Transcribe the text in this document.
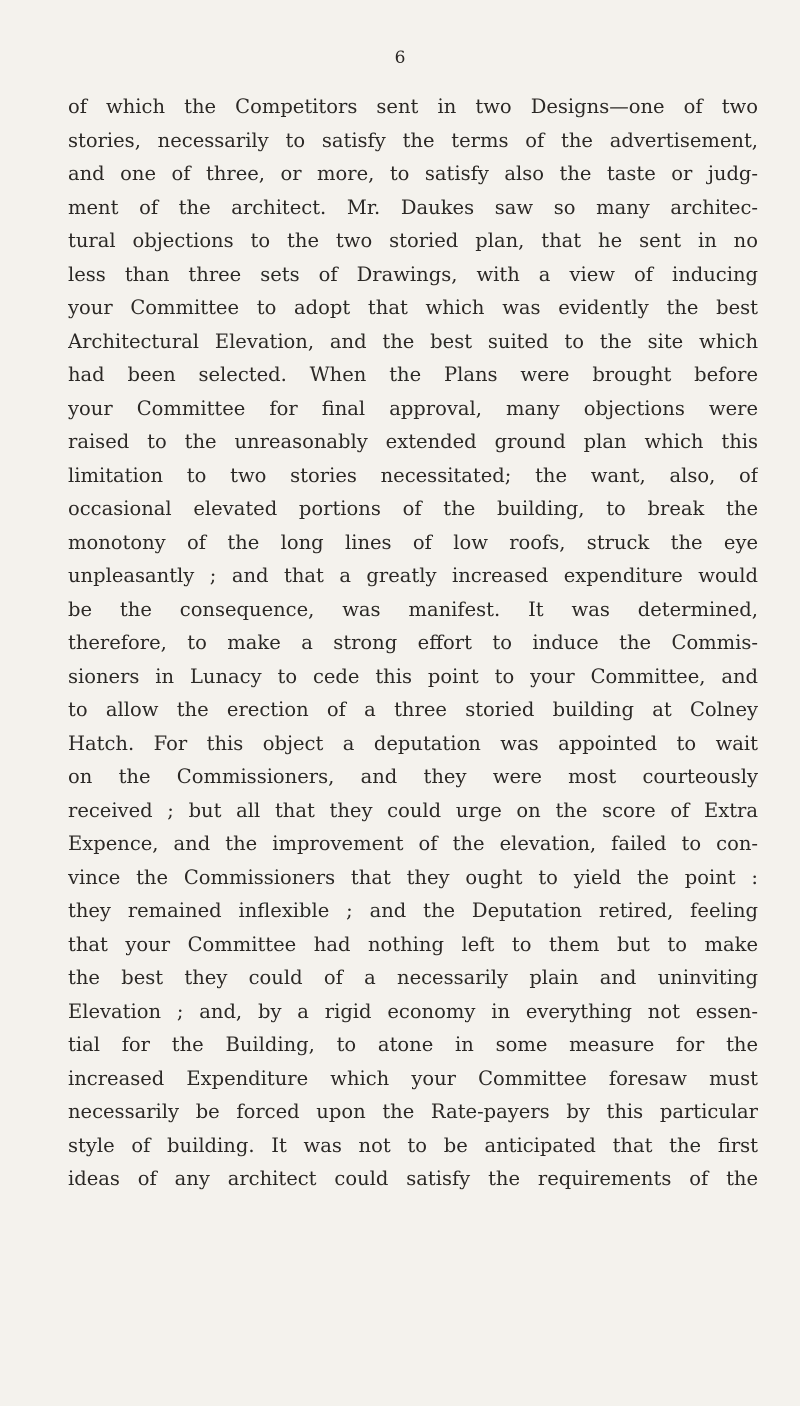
6
of which the Competitors sent in two Designs—one of two
stories, necessarily to satisfy the terms of the advertisement,
and one of three, or more, to satisfy also the taste or judg-
ment of the architect. Mr. Daukes saw so many architec-
tural objections to the two storied plan, that he sent in no
less than three sets of Drawings, with a view of inducing
your Committee to adopt that which was evidently the best
Architectural Elevation, and the best suited to the site which
had been selected. When the Plans were brought before
your Committee for final approval, many objections were
raised to the unreasonably extended ground plan which this
limitation to two stories necessitated; the want, also, of
occasional elevated portions of the building, to break the
monotony of the long lines of low roofs, struck the eye
unpleasantly ; and that a greatly increased expenditure would
be the consequence, was manifest. It was determined,
therefore, to make a strong effort to induce the Commis-
sioners in Lunacy to cede this point to your Committee, and
to allow the erection of a three storied building at Colney
Hatch. For this object a deputation was appointed to wait
on the Commissioners, and they were most courteously
received ; but all that they could urge on the score of Extra
Expence, and the improvement of the elevation, failed to con-
vince the Commissioners that they ought to yield the point :
they remained inflexible ; and the Deputation retired, feeling
that your Committee had nothing left to them but to make
the best they could of a necessarily plain and uninviting
Elevation ; and, by a rigid economy in everything not essen-
tial for the Building, to atone in some measure for the
increased Expenditure which your Committee foresaw must
necessarily be forced upon the Rate-payers by this particular
style of building. It was not to be anticipated that the first
ideas of any architect could satisfy the requirements of the
